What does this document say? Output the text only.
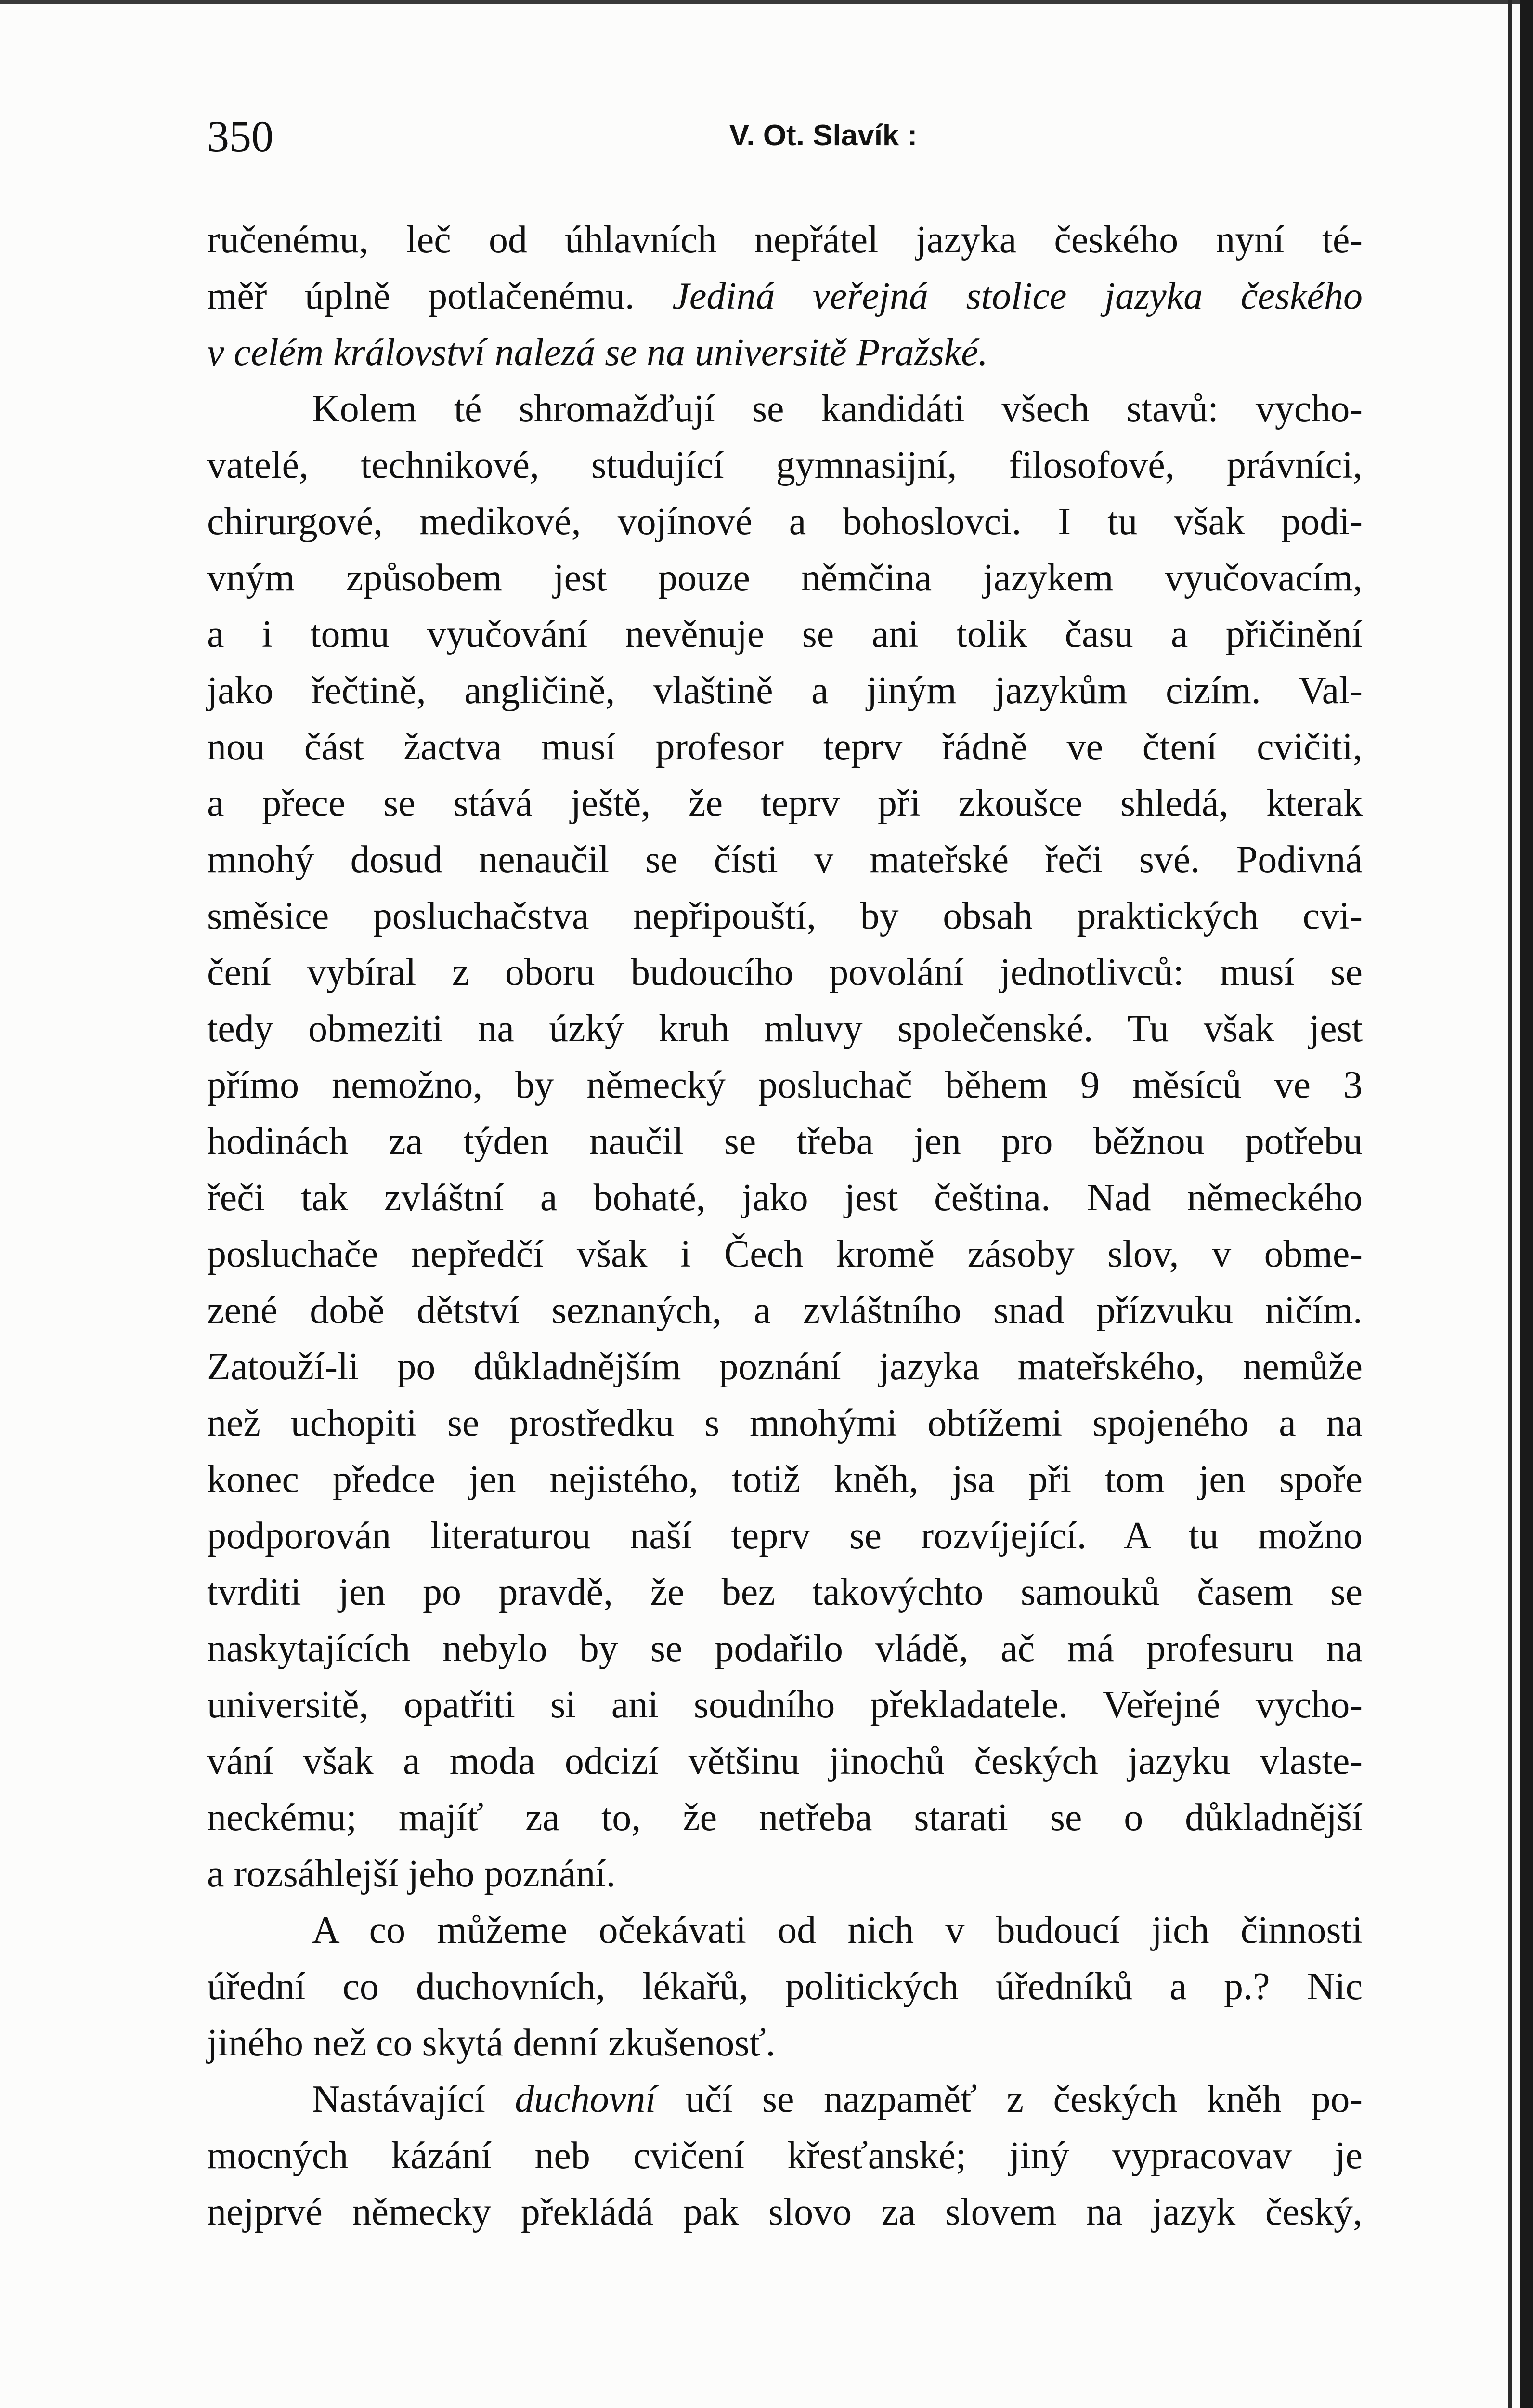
350	V. Ot. Slavík :
ručenému, leč od úhlavních nepřátel jazyka českého nyní té-
měř úplně potlačenému. Jediná veřejná stolice jazyka českého
v celém království nalezá se na universitě Pražské.
Kolem té shromažďují se kandidáti všech stavů: vycho-
vatelé, technikové, studující gymnasijní, filosofové, právníci,
chirurgové, medikové, vojínové a bohoslovci. I tu však podi-
vným způsobem jest pouze němčina jazykem vyučovacím,
a i tomu vyučování nevěnuje se ani tolik času a přičinění
jako řečtině, angličině, vlaštině a jiným jazykům cizím. Val-
nou část žactva musí profesor teprv řádně ve čtení cvičiti,
a přece se stává ještě, že teprv při zkoušce shledá, kterak
mnohý dosud nenaučil se čísti v mateřské řeči své. Podivná
směsice posluchačstva nepřipouští, by obsah praktických cvi-
čení vybíral z oboru budoucího povolání jednotlivců: musí se
tedy obmeziti na úzký kruh mluvy společenské. Tu však jest
přímo nemožno, by německý posluchač během 9 měsíců ve 3
hodinách za týden naučil se třeba jen pro běžnou potřebu
řeči tak zvláštní a bohaté, jako jest čeština. Nad německého
posluchače nepředčí však i Čech kromě zásoby slov, v obme-
zené době dětství seznaných, a zvláštního snad přízvuku ničím.
Zatouží-li po důkladnějším poznání jazyka mateřského, nemůže
než uchopiti se prostředku s mnohými obtížemi spojeného a na
konec předce jen nejistého, totiž kněh, jsa při tom jen spoře
podporován literaturou naší teprv se rozvíjející. A tu možno
tvrditi jen po pravdě, že bez takovýchto samouků časem se
naskytajících nebylo by se podařilo vládě, ač má profesuru na
universitě, opatřiti si ani soudního překladatele. Veřejné vycho-
vání však a moda odcizí většinu jinochů českých jazyku vlaste-
neckému; majíť za to, že netřeba starati se o důkladnější
a rozsáhlejší jeho poznání.
A co můžeme očekávati od nich v budoucí jich činnosti
úřední co duchovních, lékařů, politických úředníků a p.? Nic
jiného než co skytá denní zkušenosť.
Nastávající duchovní učí se nazpaměť z českých kněh po-
mocných kázání neb cvičení křesťanské; jiný vypracovav je
nejprvé německy překládá pak slovo za slovem na jazyk český,
